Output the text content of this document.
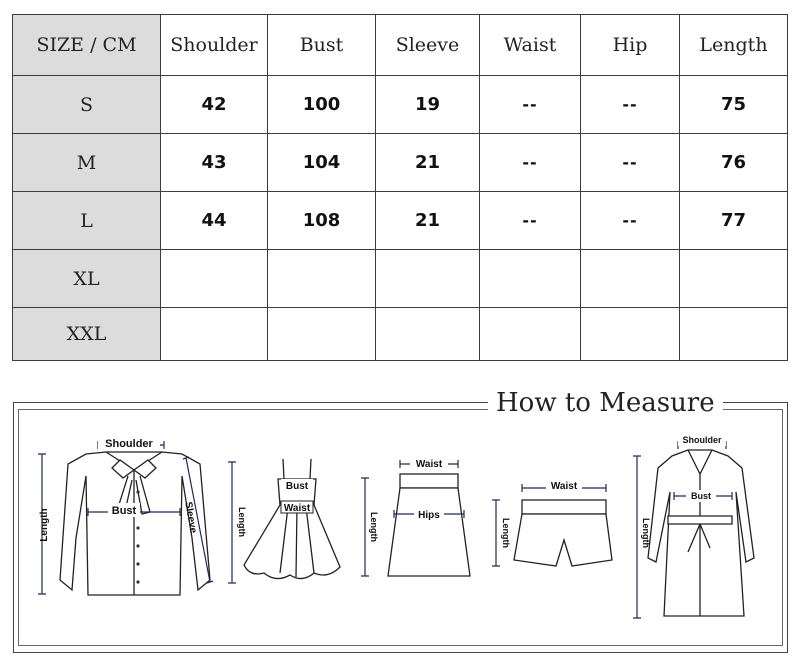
SIZE / CM	Shoulder	Bust	Sleeve	Waist	Hip	Length
S	42	100	19	--	--	75
M	43	104	21	--	--	76
L	44	108	21	--	--	77
XL						
XXL						
How to Measure
Shoulder
Bust
Length	Sleeve
Bust
Waist
Length
Waist
Hips
Length
Waist
Length
Shoulder
Bust
Length
